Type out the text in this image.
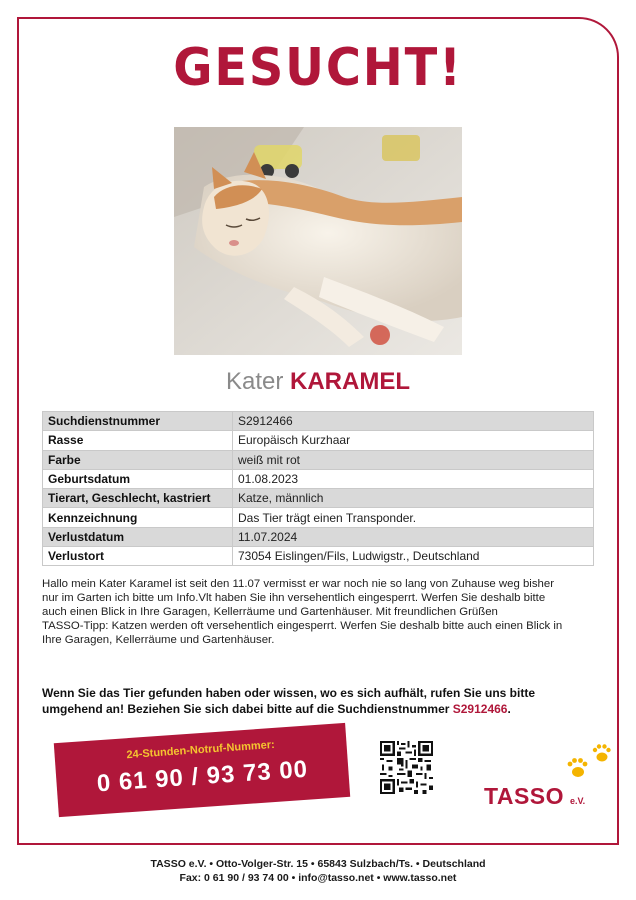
GESUCHT!
Kater KARAMEL
Suchdienstnummer	S2912466
Rasse	Europäisch Kurzhaar
Farbe	weiß mit rot
Geburtsdatum	01.08.2023
Tierart, Geschlecht, kastriert	Katze, männlich
Kennzeichnung	Das Tier trägt einen Transponder.
Verlustdatum	11.07.2024
Verlustort	73054 Eislingen/Fils, Ludwigstr., Deutschland

Hallo mein Kater Karamel ist seit den 11.07 vermisst er war noch nie so lang von Zuhause weg bisher

nur im Garten ich bitte um Info.Vlt haben Sie ihn versehentlich eingesperrt. Werfen Sie deshalb bitte

auch einen Blick in Ihre Garagen, Kellerräume und Gartenhäuser. Mit freundlichen Grüßen

TASSO-Tipp: Katzen werden oft versehentlich eingesperrt. Werfen Sie deshalb bitte auch einen Blick in

Ihre Garagen, Kellerräume und Gartenhäuser.

Wenn Sie das Tier gefunden haben oder wissen, wo es sich aufhält, rufen Sie uns bitte
umgehend an! Beziehen Sie sich dabei bitte auf die Suchdienstnummer S2912466.
24-Stunden-Notruf-Nummer:
0 61 90 / 93 73 00	TASSO e.V.
TASSO e.V. • Otto-Volger-Str. 15 • 65843 Sulzbach/Ts. • Deutschland
Fax: 0 61 90 / 93 74 00 • info@tasso.net • www.tasso.net
